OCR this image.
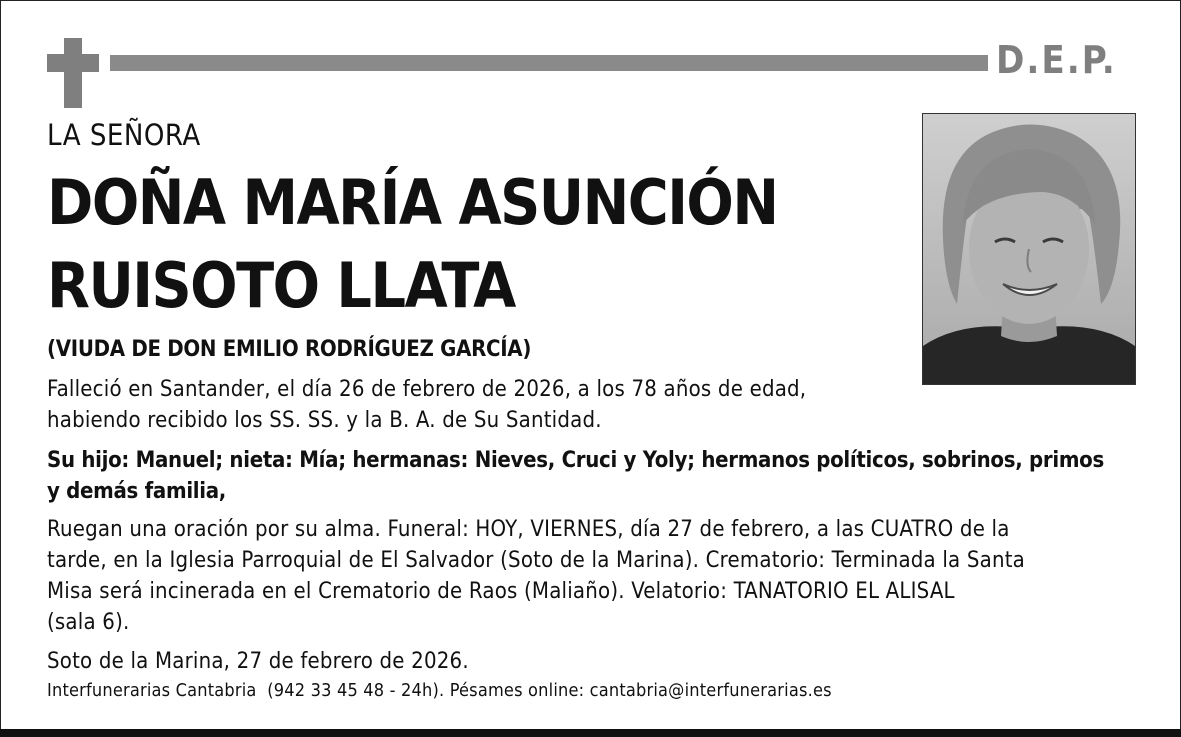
D.E.P.
LA SEÑORA
DOÑA MARÍA ASUNCIÓN
RUISOTO LLATA
(VIUDA DE DON EMILIO RODRÍGUEZ GARCÍA)
Falleció en Santander, el día 26 de febrero de 2026, a los 78 años de edad,
habiendo recibido los SS. SS. y la B. A. de Su Santidad.
Su hijo: Manuel; nieta: Mía; hermanas: Nieves, Cruci y Yoly; hermanos políticos, sobrinos, primos
y demás familia,
Ruegan una oración por su alma. Funeral: HOY, VIERNES, día 27 de febrero, a las CUATRO de la
tarde, en la Iglesia Parroquial de El Salvador (Soto de la Marina). Crematorio: Terminada la Santa
Misa será incinerada en el Crematorio de Raos (Maliaño). Velatorio: TANATORIO EL ALISAL
(sala 6).
Soto de la Marina, 27 de febrero de 2026.
Interfunerarias Cantabria  (942 33 45 48 - 24h). Pésames online: cantabria@interfunerarias.es
